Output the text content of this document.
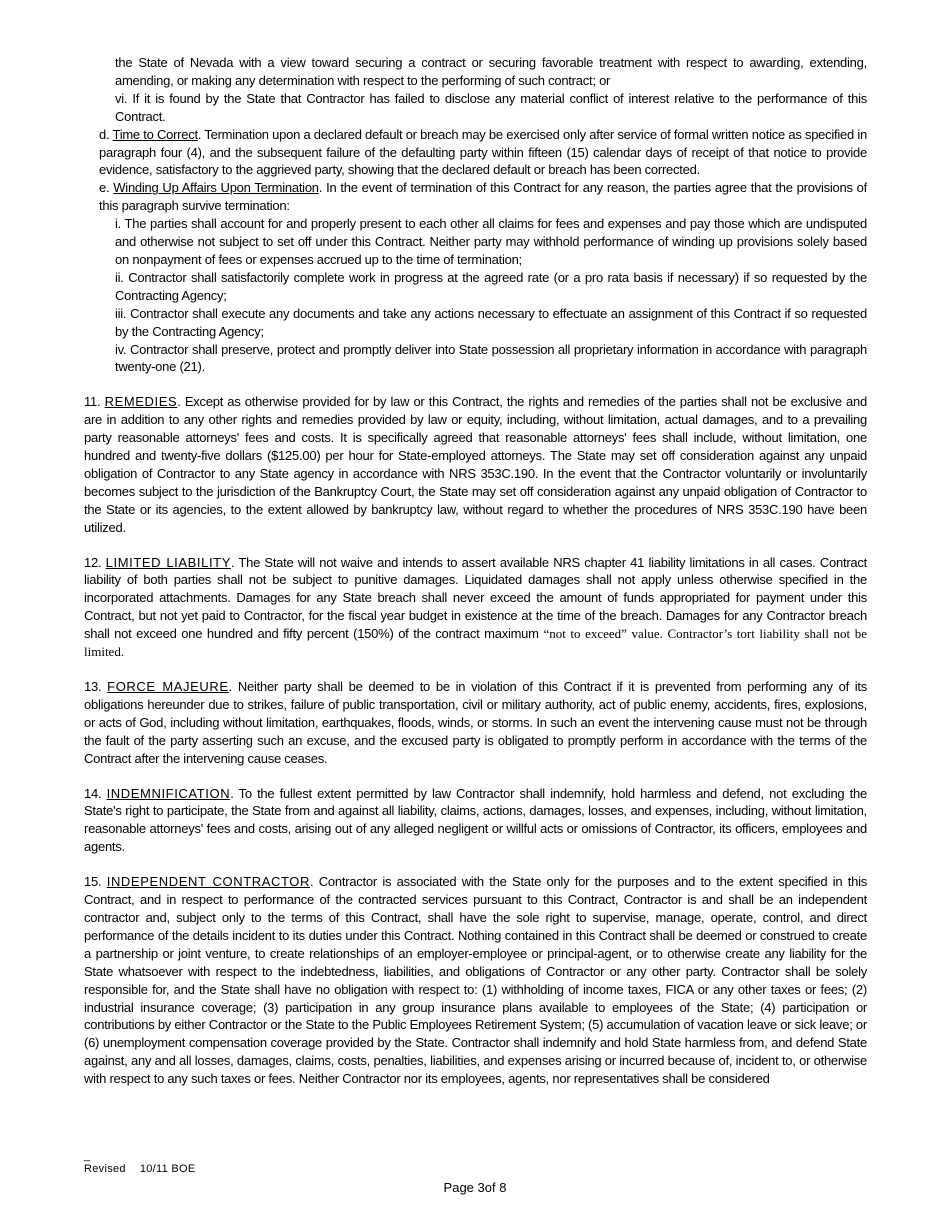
the State of Nevada with a view toward securing a contract or securing favorable treatment with respect to awarding, extending, amending, or making any determination with respect to the performing of such contract; or

vi. If it is found by the State that Contractor has failed to disclose any material conflict of interest relative to the performance of this Contract.

d. Time to Correct. Termination upon a declared default or breach may be exercised only after service of formal written notice as specified in paragraph four (4), and the subsequent failure of the defaulting party within fifteen (15) calendar days of receipt of that notice to provide evidence, satisfactory to the aggrieved party, showing that the declared default or breach has been corrected.

e. Winding Up Affairs Upon Termination. In the event of termination of this Contract for any reason, the parties agree that the provisions of this paragraph survive termination:

i. The parties shall account for and properly present to each other all claims for fees and expenses and pay those which are undisputed and otherwise not subject to set off under this Contract. Neither party may withhold performance of winding up provisions solely based on nonpayment of fees or expenses accrued up to the time of termination;

ii. Contractor shall satisfactorily complete work in progress at the agreed rate (or a pro rata basis if necessary) if so requested by the Contracting Agency;

iii. Contractor shall execute any documents and take any actions necessary to effectuate an assignment of this Contract if so requested by the Contracting Agency;

iv. Contractor shall preserve, protect and promptly deliver into State possession all proprietary information in accordance with paragraph twenty-one (21).

11. REMEDIES. Except as otherwise provided for by law or this Contract, the rights and remedies of the parties shall not be exclusive and are in addition to any other rights and remedies provided by law or equity, including, without limitation, actual damages, and to a prevailing party reasonable attorneys' fees and costs. It is specifically agreed that reasonable attorneys' fees shall include, without limitation, one hundred and twenty-five dollars ($125.00) per hour for State-employed attorneys. The State may set off consideration against any unpaid obligation of Contractor to any State agency in accordance with NRS 353C.190. In the event that the Contractor voluntarily or involuntarily becomes subject to the jurisdiction of the Bankruptcy Court, the State may set off consideration against any unpaid obligation of Contractor to the State or its agencies, to the extent allowed by bankruptcy law, without regard to whether the procedures of NRS 353C.190 have been utilized.

12. LIMITED LIABILITY. The State will not waive and intends to assert available NRS chapter 41 liability limitations in all cases. Contract liability of both parties shall not be subject to punitive damages. Liquidated damages shall not apply unless otherwise specified in the incorporated attachments. Damages for any State breach shall never exceed the amount of funds appropriated for payment under this Contract, but not yet paid to Contractor, for the fiscal year budget in existence at the time of the breach. Damages for any Contractor breach shall not exceed one hundred and fifty percent (150%) of the contract maximum “not to exceed” value. Contractor’s tort liability shall not be limited.

13. FORCE MAJEURE. Neither party shall be deemed to be in violation of this Contract if it is prevented from performing any of its obligations hereunder due to strikes, failure of public transportation, civil or military authority, act of public enemy, accidents, fires, explosions, or acts of God, including without limitation, earthquakes, floods, winds, or storms. In such an event the intervening cause must not be through the fault of the party asserting such an excuse, and the excused party is obligated to promptly perform in accordance with the terms of the Contract after the intervening cause ceases.

14. INDEMNIFICATION. To the fullest extent permitted by law Contractor shall indemnify, hold harmless and defend, not excluding the State's right to participate, the State from and against all liability, claims, actions, damages, losses, and expenses, including, without limitation, reasonable attorneys' fees and costs, arising out of any alleged negligent or willful acts or omissions of Contractor, its officers, employees and agents.

15. INDEPENDENT CONTRACTOR. Contractor is associated with the State only for the purposes and to the extent specified in this Contract, and in respect to performance of the contracted services pursuant to this Contract, Contractor is and shall be an independent contractor and, subject only to the terms of this Contract, shall have the sole right to supervise, manage, operate, control, and direct performance of the details incident to its duties under this Contract. Nothing contained in this Contract shall be deemed or construed to create a partnership or joint venture, to create relationships of an employer-employee or principal-agent, or to otherwise create any liability for the State whatsoever with respect to the indebtedness, liabilities, and obligations of Contractor or any other party. Contractor shall be solely responsible for, and the State shall have no obligation with respect to: (1) withholding of income taxes, FICA or any other taxes or fees; (2) industrial insurance coverage; (3) participation in any group insurance plans available to employees of the State; (4) participation or contributions by either Contractor or the State to the Public Employees Retirement System; (5) accumulation of vacation leave or sick leave; or (6) unemployment compensation coverage provided by the State. Contractor shall indemnify and hold State harmless from, and defend State against, any and all losses, damages, claims, costs, penalties, liabilities, and expenses arising or incurred because of, incident to, or otherwise with respect to any such taxes or fees. Neither Contractor nor its employees, agents, nor representatives shall be considered

_
Revised 10/11 BOE
Page 3of 8
